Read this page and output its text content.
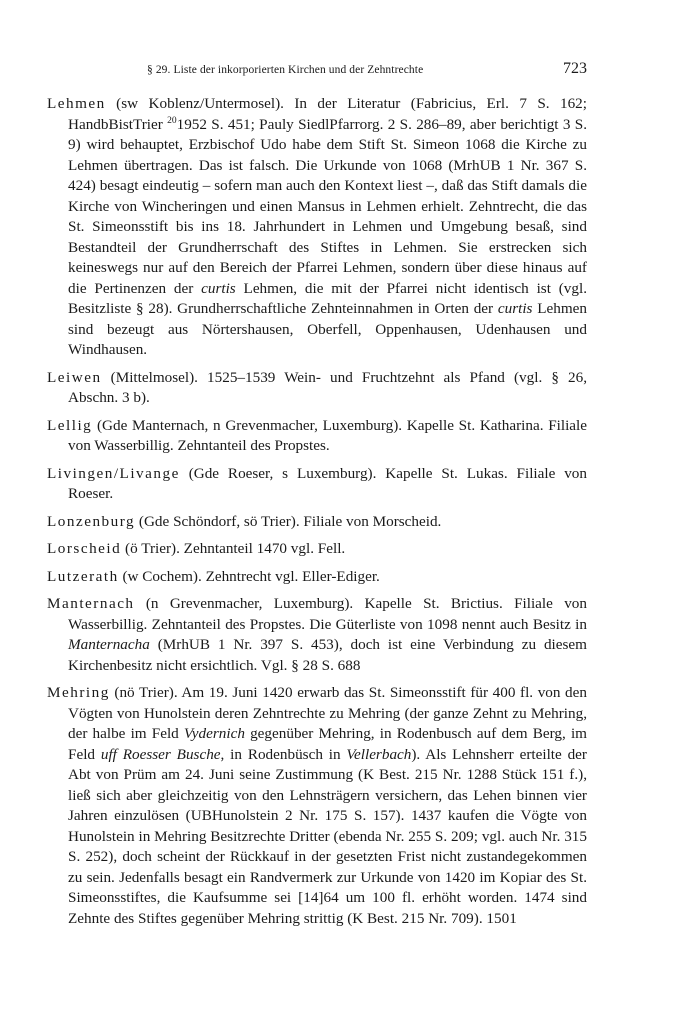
§ 29. Liste der inkorporierten Kirchen und der Zehntrechte	723

Lehmen (sw Koblenz/Untermosel). In der Literatur (Fabricius, Erl. 7 S. 162; HandbBistTrier $^{20}$1952 S. 451; Pauly SiedlPfarrorg. 2 S. 286–89, aber berichtigt 3 S. 9) wird behauptet, Erzbischof Udo habe dem Stift St. Simeon 1068 die Kirche zu Lehmen übertragen. Das ist falsch. Die Urkunde von 1068 (MrhUB 1 Nr. 367 S. 424) besagt eindeutig – sofern man auch den Kontext liest –, daß das Stift damals die Kirche von Wincheringen und einen Mansus in Lehmen erhielt. Zehntrecht, die das St. Simeonsstift bis ins 18. Jahrhundert in Lehmen und Umgebung besaß, sind Bestandteil der Grundherrschaft des Stiftes in Lehmen. Sie erstrecken sich keineswegs nur auf den Bereich der Pfarrei Lehmen, sondern über diese hinaus auf die Pertinenzen der curtis Lehmen, die mit der Pfarrei nicht identisch ist (vgl. Besitzliste § 28). Grundherrschaftliche Zehnteinnahmen in Orten der curtis Lehmen sind bezeugt aus Nörtershausen, Oberfell, Oppenhausen, Udenhausen und Windhausen.

Leiwen (Mittelmosel). 1525–1539 Wein- und Fruchtzehnt als Pfand (vgl. § 26, Abschn. 3 b).

Lellig (Gde Manternach, n Grevenmacher, Luxemburg). Kapelle St. Katharina. Filiale von Wasserbillig. Zehntanteil des Propstes.

Livingen/Livange (Gde Roeser, s Luxemburg). Kapelle St. Lukas. Filiale von Roeser.

Lonzenburg (Gde Schöndorf, sö Trier). Filiale von Morscheid.

Lorscheid (ö Trier). Zehntanteil 1470 vgl. Fell.

Lutzerath (w Cochem). Zehntrecht vgl. Eller-Ediger.

Manternach (n Grevenmacher, Luxemburg). Kapelle St. Brictius. Filiale von Wasserbillig. Zehntanteil des Propstes. Die Güterliste von 1098 nennt auch Besitz in Manternacha (MrhUB 1 Nr. 397 S. 453), doch ist eine Verbindung zu diesem Kirchenbesitz nicht ersichtlich. Vgl. § 28 S. 688

Mehring (nö Trier). Am 19. Juni 1420 erwarb das St. Simeonsstift für 400 fl. von den Vögten von Hunolstein deren Zehntrechte zu Mehring (der ganze Zehnt zu Mehring, der halbe im Feld Vydernich gegenüber Mehring, in Rodenbusch auf dem Berg, im Feld uff Roesser Busche, in Rodenbüsch in Vellerbach). Als Lehnsherr erteilte der Abt von Prüm am 24. Juni seine Zustimmung (K Best. 215 Nr. 1288 Stück 151 f.), ließ sich aber gleichzeitig von den Lehnsträgern versichern, das Lehen binnen vier Jahren einzulösen (UBHunolstein 2 Nr. 175 S. 157). 1437 kaufen die Vögte von Hunolstein in Mehring Besitzrechte Dritter (ebenda Nr. 255 S. 209; vgl. auch Nr. 315 S. 252), doch scheint der Rückkauf in der gesetzten Frist nicht zustandegekommen zu sein. Jedenfalls besagt ein Randvermerk zur Urkunde von 1420 im Kopiar des St. Simeonsstiftes, die Kaufsumme sei [14]64 um 100 fl. erhöht worden. 1474 sind Zehnte des Stiftes gegenüber Mehring strittig (K Best. 215 Nr. 709). 1501
